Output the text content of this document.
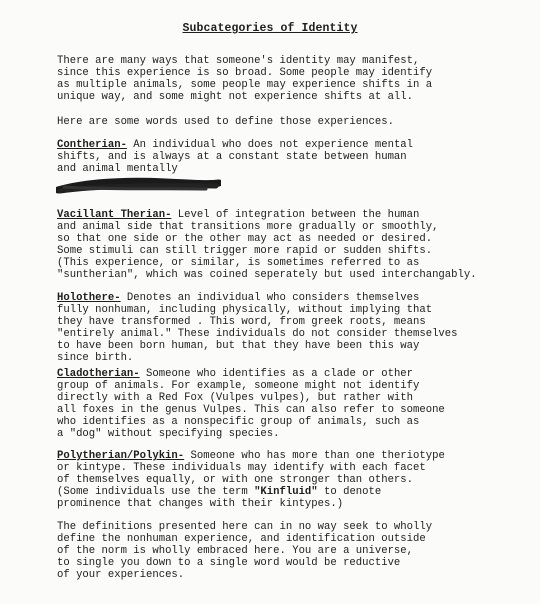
Subcategories of Identity
There are many ways that someone's identity may manifest,
since this experience is so broad. Some people may identify
as multiple animals, some people may experience shifts in a
unique way, and some might not experience shifts at all.
Here are some words used to define those experiences.
Contherian- An individual who does not experience mental
shifts, and is always at a constant state between human
and animal mentally
Vacillant Therian- Level of integration between the human
and animal side that transitions more gradually or smoothly,
so that one side or the other may act as needed or desired.
Some stimuli can still trigger more rapid or sudden shifts.
(This experience, or similar, is sometimes referred to as
"suntherian", which was coined seperately but used interchangably.
Holothere- Denotes an individual who considers themselves
fully nonhuman, including physically, without implying that
they have transformed . This word, from greek roots, means
"entirely animal." These individuals do not consider themselves
to have been born human, but that they have been this way
since birth.
Cladotherian- Someone who identifies as a clade or other
group of animals. For example, someone might not identify
directly with a Red Fox (Vulpes vulpes), but rather with
all foxes in the genus Vulpes. This can also refer to someone
who identifies as a nonspecific group of animals, such as
a "dog" without specifying species.
Polytherian/Polykin- Someone who has more than one theriotype
or kintype. These individuals may identify with each facet
of themselves equally, or with one stronger than others.
(Some individuals use the term "Kinfluid" to denote
prominence that changes with their kintypes.)
The definitions presented here can in no way seek to wholly
define the nonhuman experience, and identification outside
of the norm is wholly embraced here. You are a universe,
to single you down to a single word would be reductive
of your experiences.
